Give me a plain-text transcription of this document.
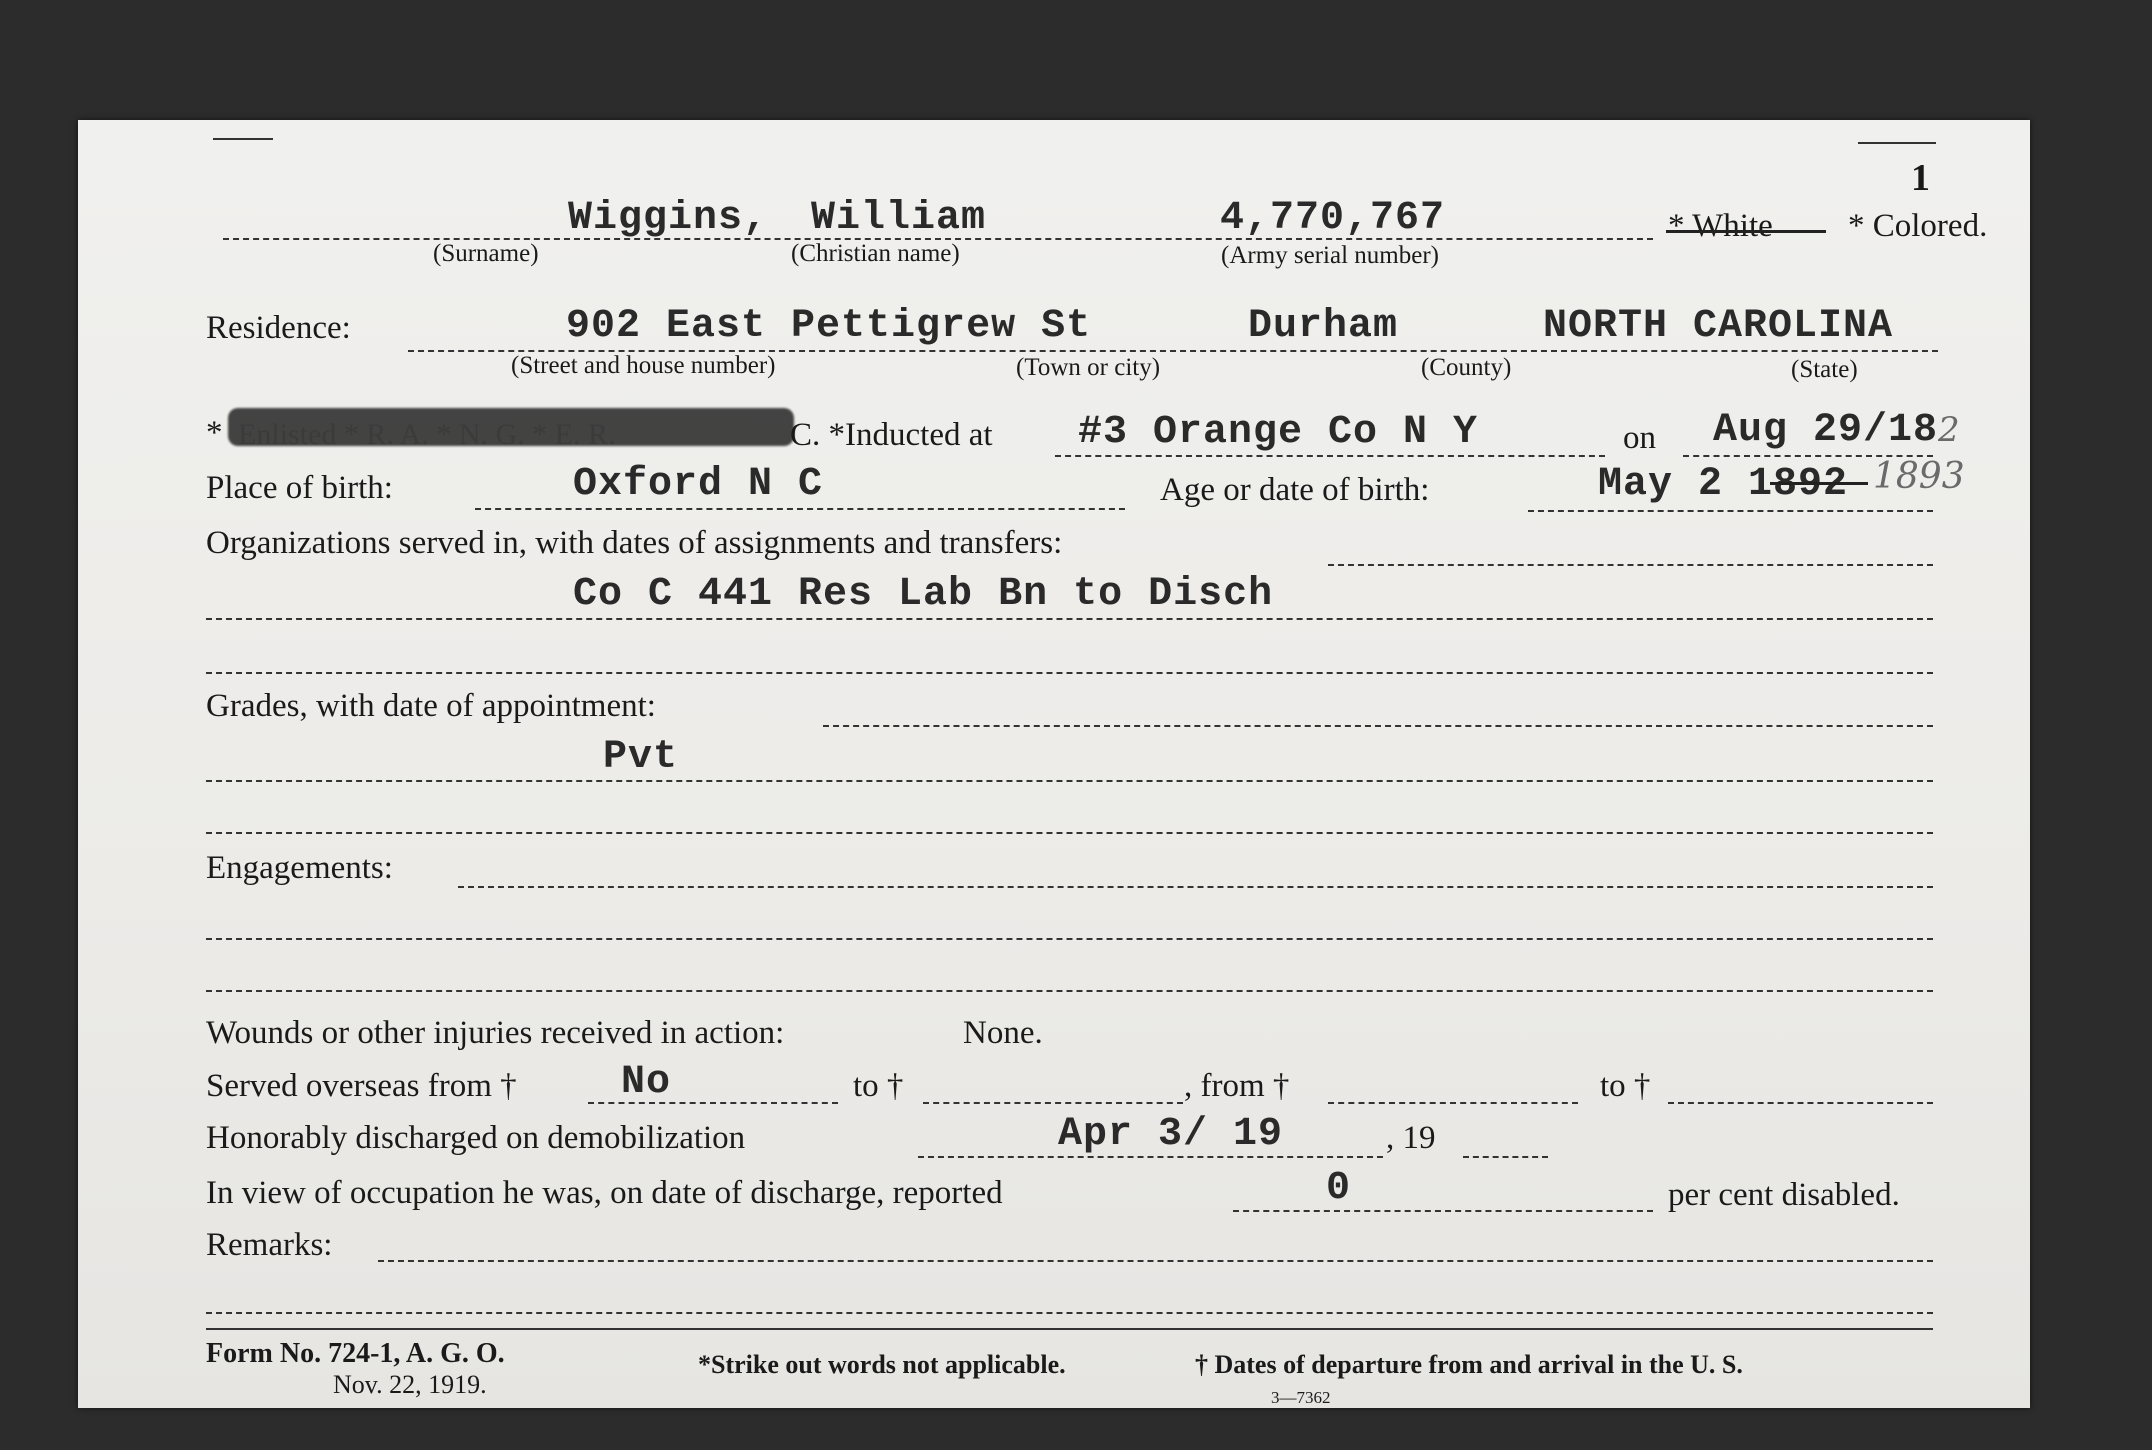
1
Wiggins, William	4,770,767
(Surname)	(Christian name)	(Army serial number)
* White * Colored.
Residence:	902 East Pettigrew St	Durham	NORTH CAROLINA
(Street and house number)	(Town or city)	(County)	(State)
*	C. *Inducted at #3 Orange Co N Y	on Aug 29/18 2
Place of birth:	Oxford N C	Age or date of birth:	May 2 1892 1893
Organizations served in, with dates of assignments and transfers:
Co C 441 Res Lab Bn to Disch
Grades, with date of appointment:
Pvt
Engagements:
Wounds or other injuries received in action:	None.
Served overseas from †	No	to †	, from †	to †
Honorably discharged on demobilization	Apr 3/ 19	, 19
In view of occupation he was, on date of discharge, reported	0	per cent disabled.
Remarks:
Form No. 724-1, A. G. O.
Nov. 22, 1919.
*Strike out words not applicable.	† Dates of departure from and arrival in the U. S.
3—7362
